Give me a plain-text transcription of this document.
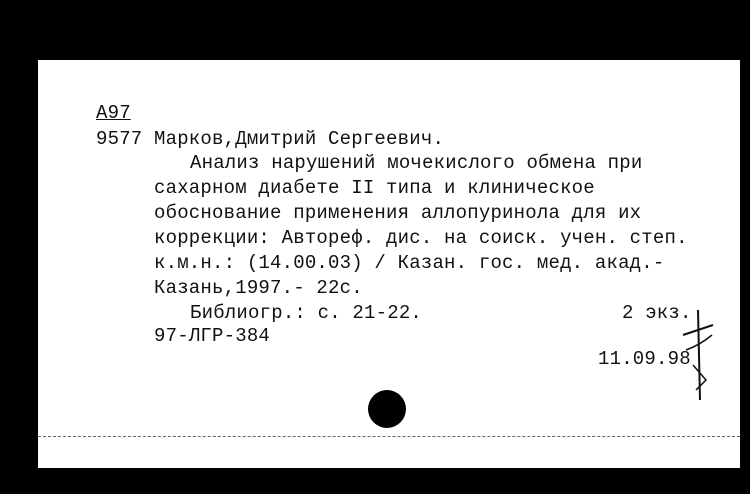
А97
9577 Марков,Дмитрий Сергеевич.
Анализ нарушений мочекислого обмена при
сахарном диабете II типа и клиническое
обоснование применения аллопуринола для их
коррекции: Автореф. дис. на соиск. учен. степ.
к.м.н.: (14.00.03) / Казан. гос. мед. акад.-
Казань,1997.- 22с.
Библиогр.: с. 21-22.	2 экз.
97-ЛГР-384
11.09.98
